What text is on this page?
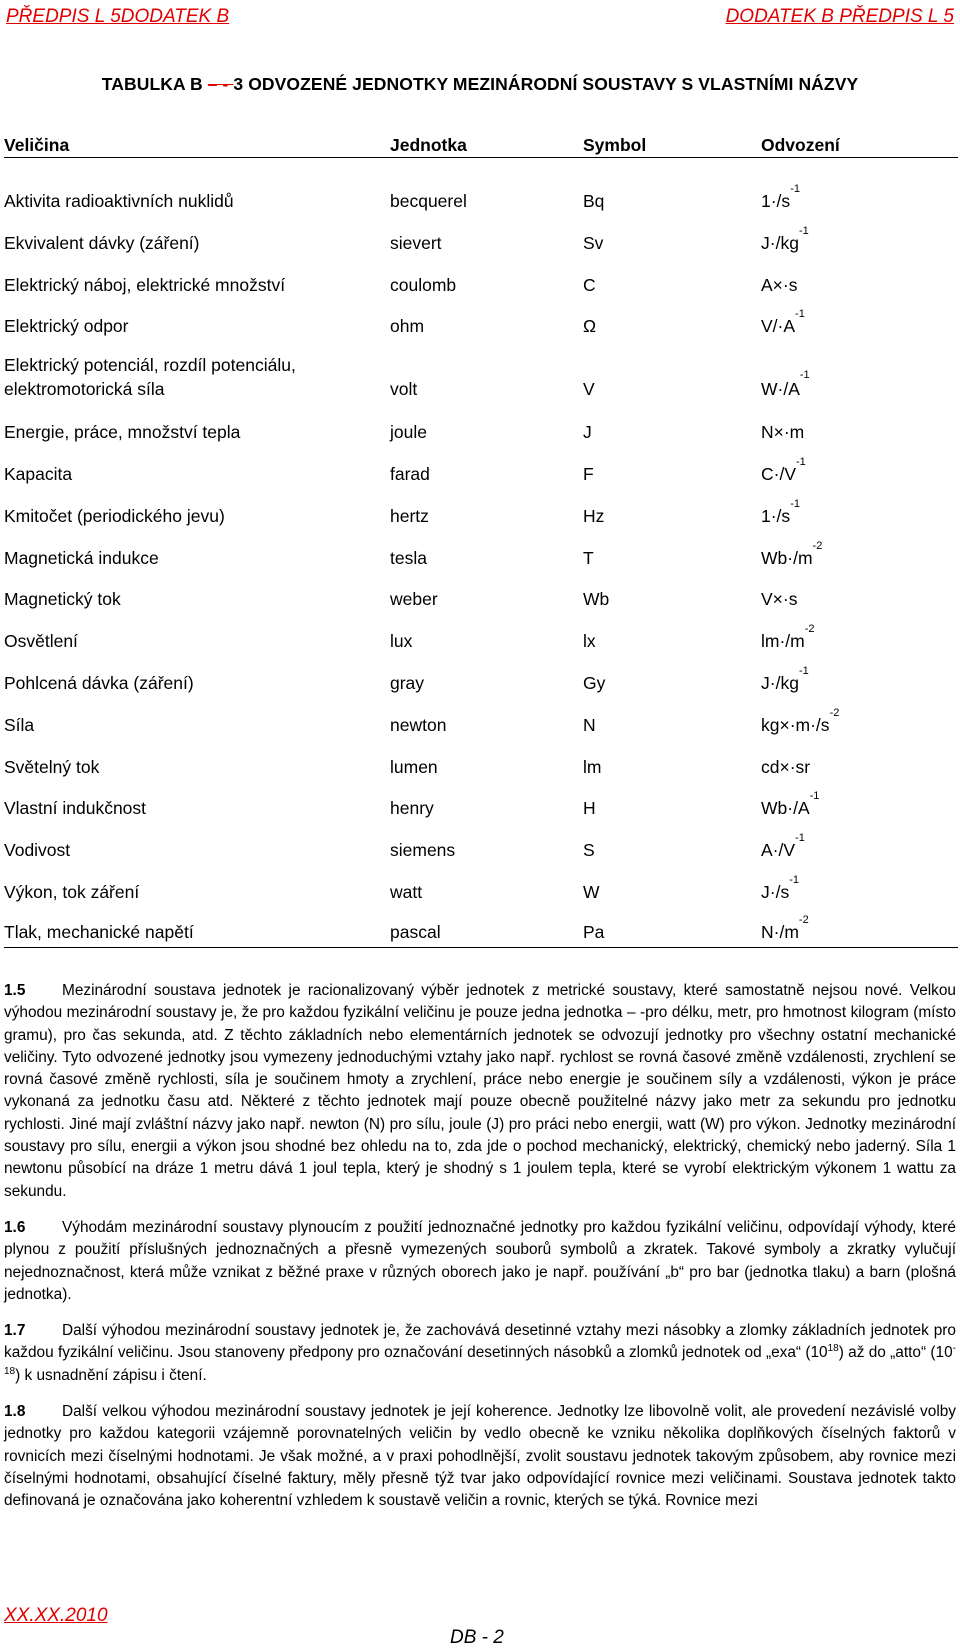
PŘEDPIS L 5DODATEK B	DODATEK B PŘEDPIS L 5
TABULKA B – - 3 ODVOZENÉ JEDNOTKY MEZINÁRODNÍ SOUSTAVY S VLASTNÍMI NÁZVY
Veličina	Jednotka	Symbol	Odvození
Aktivita radioaktivních nuklidů	becquerel	Bq	$1\cdot/s^{-1}$
Ekvivalent dávky (záření)	sievert	Sv	$J\cdot/kg^{-1}$
Elektrický náboj, elektrické množství	coulomb	C	A×·s
Elektrický odpor	ohm	Ω	$V/\cdot A^{-1}$
Elektrický potenciál, rozdíl potenciálu, elektromotorická síla	volt	V	$W\cdot/A^{-1}$
Energie, práce, množství tepla	joule	J	N×·m
Kapacita	farad	F	$C\cdot/V^{-1}$
Kmitočet (periodického jevu)	hertz	Hz	$1\cdot/s^{-1}$
Magnetická indukce	tesla	T	$Wb\cdot/m^{-2}$
Magnetický tok	weber	Wb	V×·s
Osvětlení	lux	lx	$lm\cdot/m^{-2}$
Pohlcená dávka (záření)	gray	Gy	$J\cdot/kg^{-1}$
Síla	newton	N	$kg\times\cdot m\cdot/s^{-2}$
Světelný tok	lumen	lm	cd×·sr
Vlastní indukčnost	henry	H	$Wb\cdot/A^{-1}$
Vodivost	siemens	S	$A\cdot/V^{-1}$
Výkon, tok záření	watt	W	$J\cdot/s^{-1}$
Tlak, mechanické napětí	pascal	Pa	$N\cdot/m^{-2}$

1.5 Mezinárodní soustava jednotek je racionalizovaný výběr jednotek z metrické soustavy, které samostatně nejsou nové. Velkou výhodou mezinárodní soustavy je, že pro každou fyzikální veličinu je pouze jedna jednotka – -pro délku, metr, pro hmotnost kilogram (místo gramu), pro čas sekunda, atd. Z těchto základních nebo elementárních jednotek se odvozují jednotky pro všechny ostatní mechanické veličiny. Tyto odvozené jednotky jsou vymezeny jednoduchými vztahy jako např. rychlost se rovná časové změně vzdálenosti, zrychlení se rovná časové změně rychlosti, síla je součinem hmoty a zrychlení, práce nebo energie je součinem síly a vzdálenosti, výkon je práce vykonaná za jednotku času atd. Některé z těchto jednotek mají pouze obecně použitelné názvy jako metr za sekundu pro jednotku rychlosti. Jiné mají zvláštní názvy jako např. newton (N) pro sílu, joule (J) pro práci nebo energii, watt (W) pro výkon. Jednotky mezinárodní soustavy pro sílu, energii a výkon jsou shodné bez ohledu na to, zda jde o pochod mechanický, elektrický, chemický nebo jaderný. Síla 1 newtonu působící na dráze 1 metru dává 1 joul tepla, který je shodný s 1 joulem tepla, které se vyrobí elektrickým výkonem 1 wattu za sekundu.

1.6 Výhodám mezinárodní soustavy plynoucím z použití jednoznačné jednotky pro každou fyzikální veličinu, odpovídají výhody, které plynou z použití příslušných jednoznačných a přesně vymezených souborů symbolů a zkratek. Takové symboly a zkratky vylučují nejednoznačnost, která může vznikat z běžné praxe v různých oborech jako je např. používání „b“ pro bar (jednotka tlaku) a barn (plošná jednotka).

1.7 Další výhodou mezinárodní soustavy jednotek je, že zachovává desetinné vztahy mezi násobky a zlomky základních jednotek pro každou fyzikální veličinu. Jsou stanoveny předpony pro označování desetinných násobků a zlomků jednotek od „exa“ $(10^{18})$ až do „atto“ $(10^{-18})$ k usnadnění zápisu i čtení.

1.8 Další velkou výhodou mezinárodní soustavy jednotek je její koherence. Jednotky lze libovolně volit, ale provedení nezávislé volby jednotky pro každou kategorii vzájemně porovnatelných veličin by vedlo obecně ke vzniku několika doplňkových číselných faktorů v rovnicích mezi číselnými hodnotami. Je však možné, a v praxi pohodlnější, zvolit soustavu jednotek takovým způsobem, aby rovnice mezi číselnými hodnotami, obsahující číselné faktury, měly přesně týž tvar jako odpovídající rovnice mezi veličinami. Soustava jednotek takto definovaná je označována jako koherentní vzhledem k soustavě veličin a rovnic, kterých se týká. Rovnice mezi

XX.XX.2010
DB - 2
